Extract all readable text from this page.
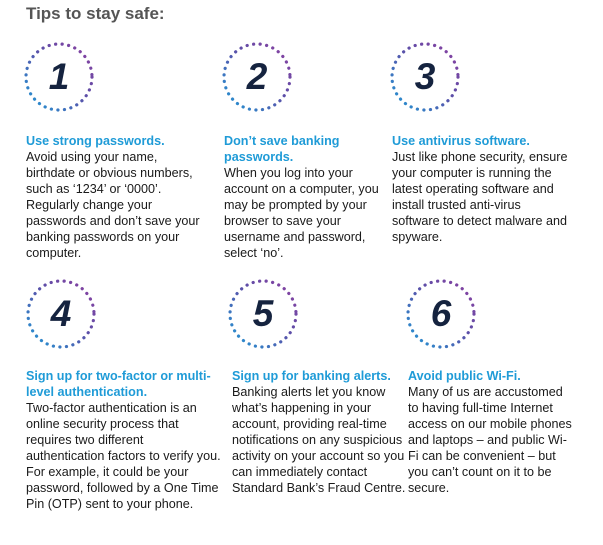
Tips to stay safe:
1

Use strong passwords.
Avoid using your name, birthdate or obvious numbers, such as ‘1234’ or ‘0000’. Regularly change your passwords and don’t save your banking passwords on your computer.

2

Don’t save banking passwords.
When you log into your account on a computer, you may be prompted by your browser to save your username and password, select ‘no’.

3

Use antivirus software.
Just like phone security, ensure your computer is running the latest operating software and install trusted anti-virus software to detect malware and spyware.

4

Sign up for two-factor or multi-level authentication.
Two-factor authentication is an online security process that requires two different authentication factors to verify you. For example, it could be your password, followed by a One Time Pin (OTP) sent to your phone.

5

Sign up for banking alerts.
Banking alerts let you know what’s happening in your account, providing real-time notifications on any suspicious activity on your account so you can immediately contact Standard Bank’s Fraud Centre.

6

Avoid public Wi-Fi.
Many of us are accustomed to having full-time Internet access on our mobile phones and laptops – and public Wi-Fi can be convenient – but you can’t count on it to be secure.
